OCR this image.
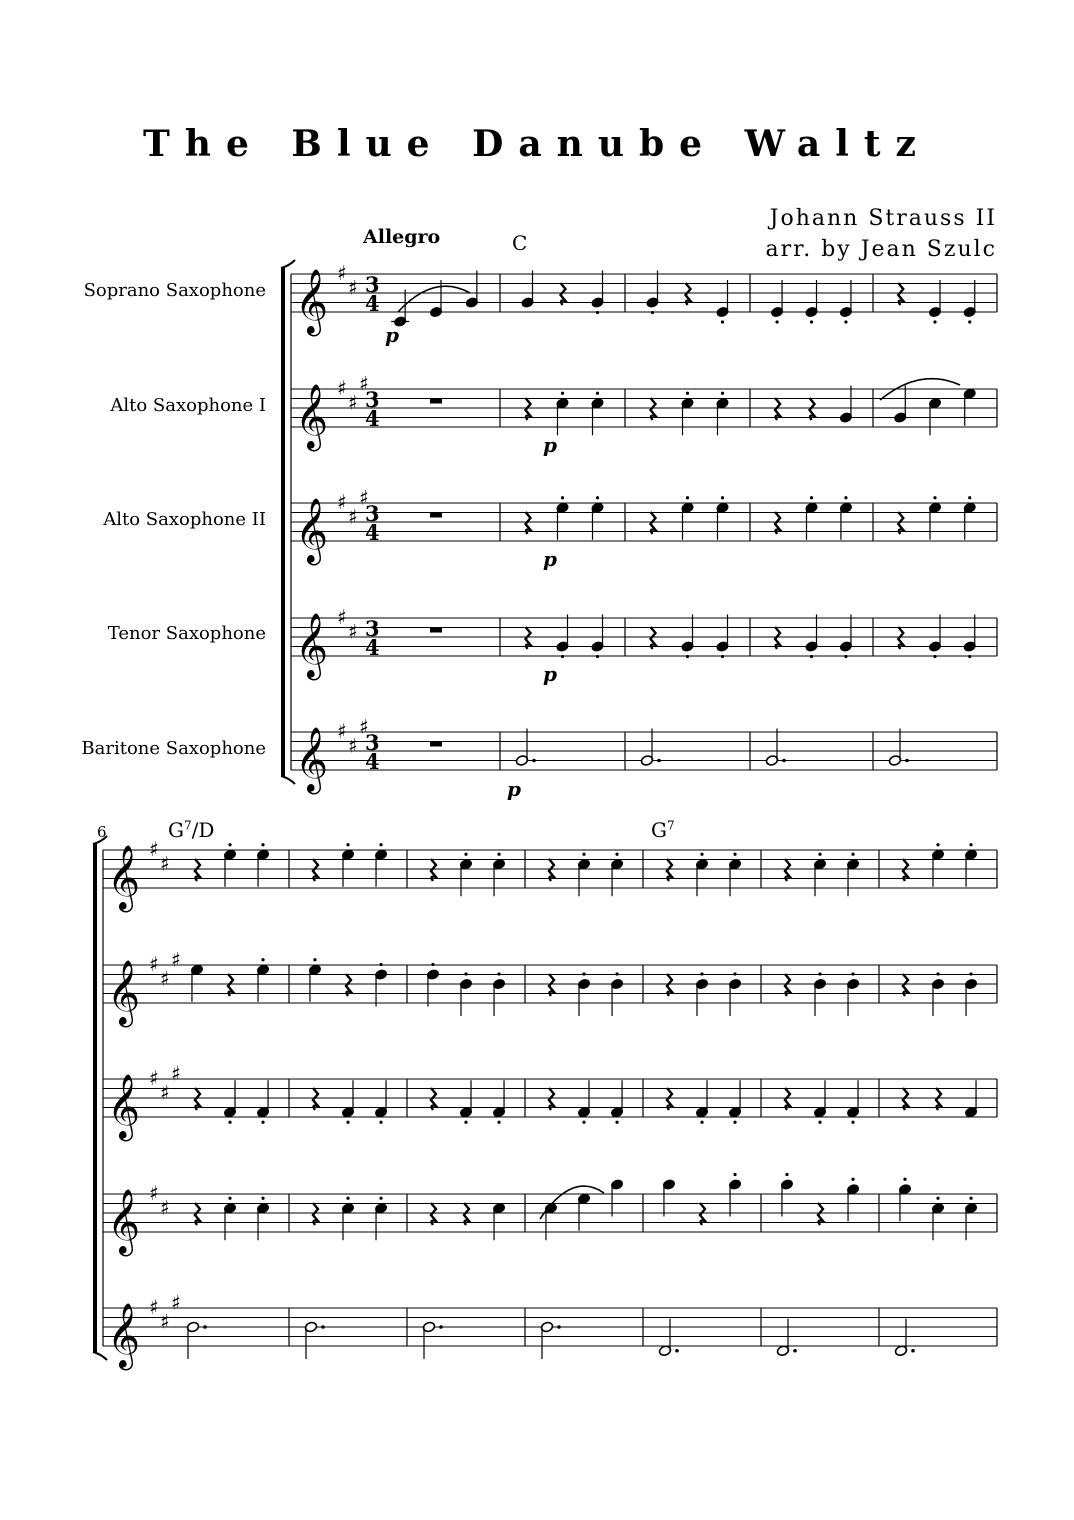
The Blue Danube Waltz
Johann Strauss II
arr. by Jean Szulc
Allegro	C
$G^7/D$	$G^7$
6
Soprano Saxophone
Alto Saxophone I
Alto Saxophone II
Tenor Saxophone
Baritone Saxophone
𝄞 ♯
♯ 3
4
𝄞 ♯
♯
♯
3
4
𝄞 ♯
♯
♯
3
4
𝄞 ♯
♯ 3
4
𝄞 ♯
♯
♯
3
4
𝄞 ♯
♯
𝄞 ♯
♯
♯
𝄞 ♯
♯
♯
𝄞 ♯
♯
𝄞 ♯
♯
♯
p
p
p
p
p
